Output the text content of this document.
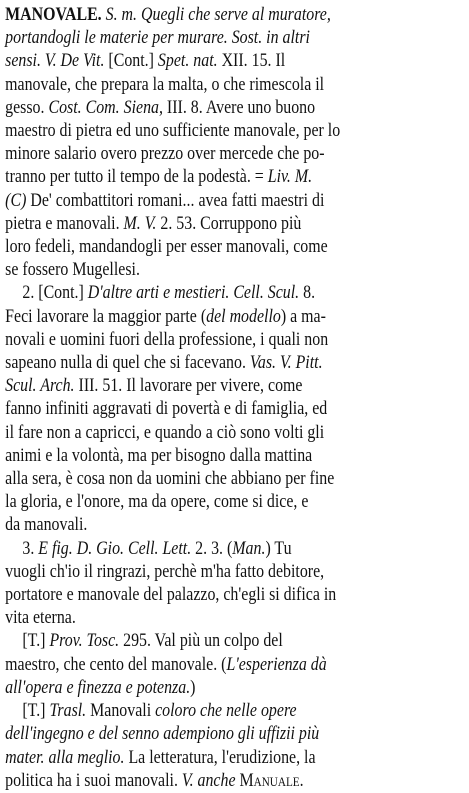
MANOVALE. S. m. Quegli che serve al muratore,
portandogli le materie per murare. Sost. in altri
sensi. V. De Vit. [Cont.] Spet. nat. XII. 15. Il
manovale, che prepara la malta, o che rimescola il
gesso. Cost. Com. Siena, III. 8. Avere uno buono
maestro di pietra ed uno sufficiente manovale, per lo
minore salario overo prezzo over mercede che po-
tranno per tutto il tempo de la podestà. = Liv. M.
(C) De' combattitori romani... avea fatti maestri di
pietra e manovali. M. V. 2. 53. Corrupponо più
loro fedeli, mandandogli per esser manovali, come
se fossero Mugellesi.
2. [Cont.] D'altre arti e mestieri. Cell. Scul. 8.
Feci lavorare la maggior parte (del modello) a ma-
novali e uomini fuori della professione, i quali non
sapeano nulla di quel che si facevano. Vas. V. Pitt.
Scul. Arch. III. 51. Il lavorare per vivere, come
fanno infiniti aggravati di povertà e di famiglia, ed
il fare non a capricci, e quando a ciò sono volti gli
animi e la volontà, ma per bisogno dalla mattina
alla sera, è cosa non da uomini che abbiano per fine
la gloria, e l'onore, ma da opere, come si dice, e
da manovali.
3. E fig. D. Gio. Cell. Lett. 2. 3. (Man.) Tu
vuogli ch'io il ringrazi, perchè m'ha fatto debitore,
portatore e manovale del palazzo, ch'egli si difica in
vita eterna.
[T.] Prov. Tosc. 295. Val più un colpo del
maestro, che cento del manovale. (L'esperienza dà
all'opera e finezza e potenza.)
[T.] Trasl. Manovali coloro che nelle opere
dell'ingegno e del senno adempiono gli uffizii più
mater. alla meglio. La letteratura, l'erudizione, la
politica ha i suoi manovali. V. anche Manuale.
